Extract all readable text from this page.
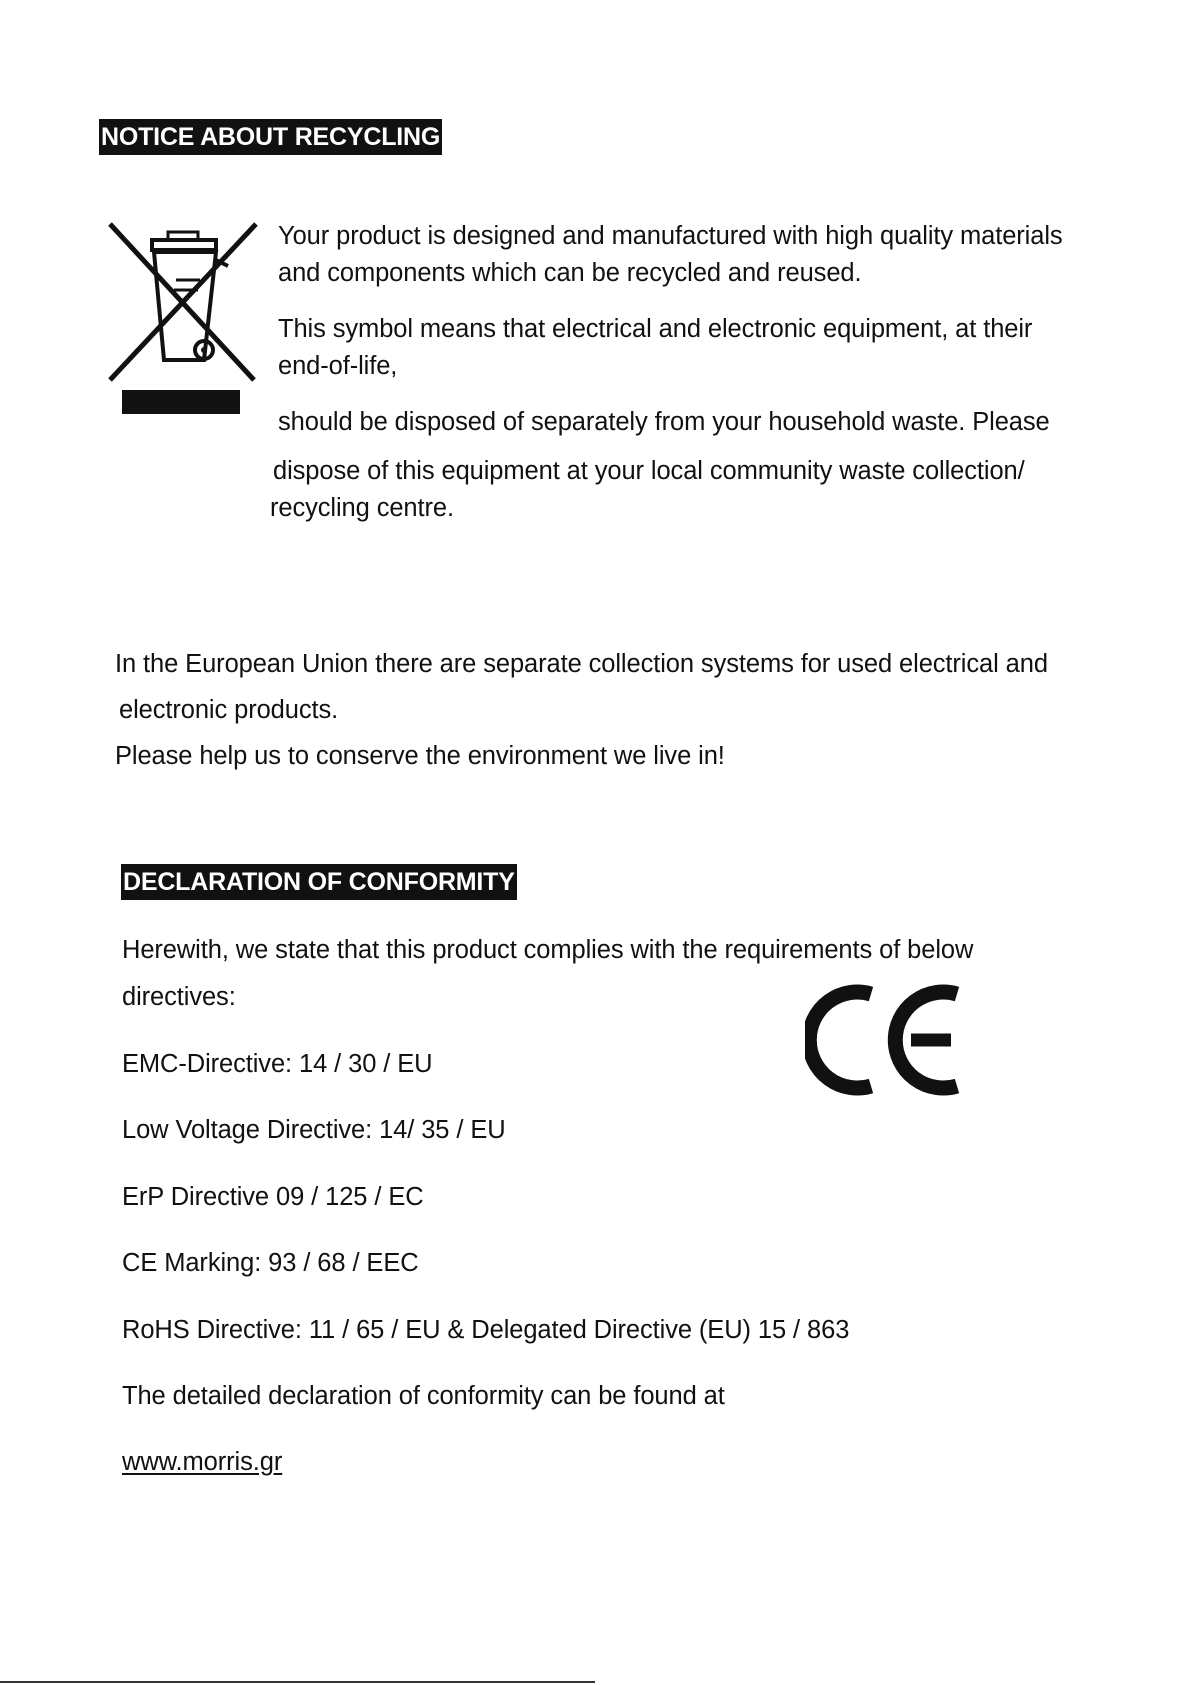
NOTICE ABOUT RECYCLING
Your product is designed and manufactured with high quality materials
and components which can be recycled and reused.
This symbol means that electrical and electronic equipment, at their
end-of-life,
should be disposed of separately from your household waste. Please
dispose of this equipment at your local community waste collection/
recycling centre.
In the European Union there are separate collection systems for used electrical and
electronic products.
Please help us to conserve the environment we live in!
DECLARATION OF CONFORMITY
Herewith, we state that this product complies with the requirements of below
directives:
EMC-Directive: 14 / 30 / EU
Low Voltage Directive: 14/ 35 / EU
ErP Directive 09 / 125 / EC
CE Marking: 93 / 68 / EEC
RoHS Directive: 11 / 65 / EU & Delegated Directive (EU) 15 / 863
The detailed declaration of conformity can be found at
www.morris.gr
